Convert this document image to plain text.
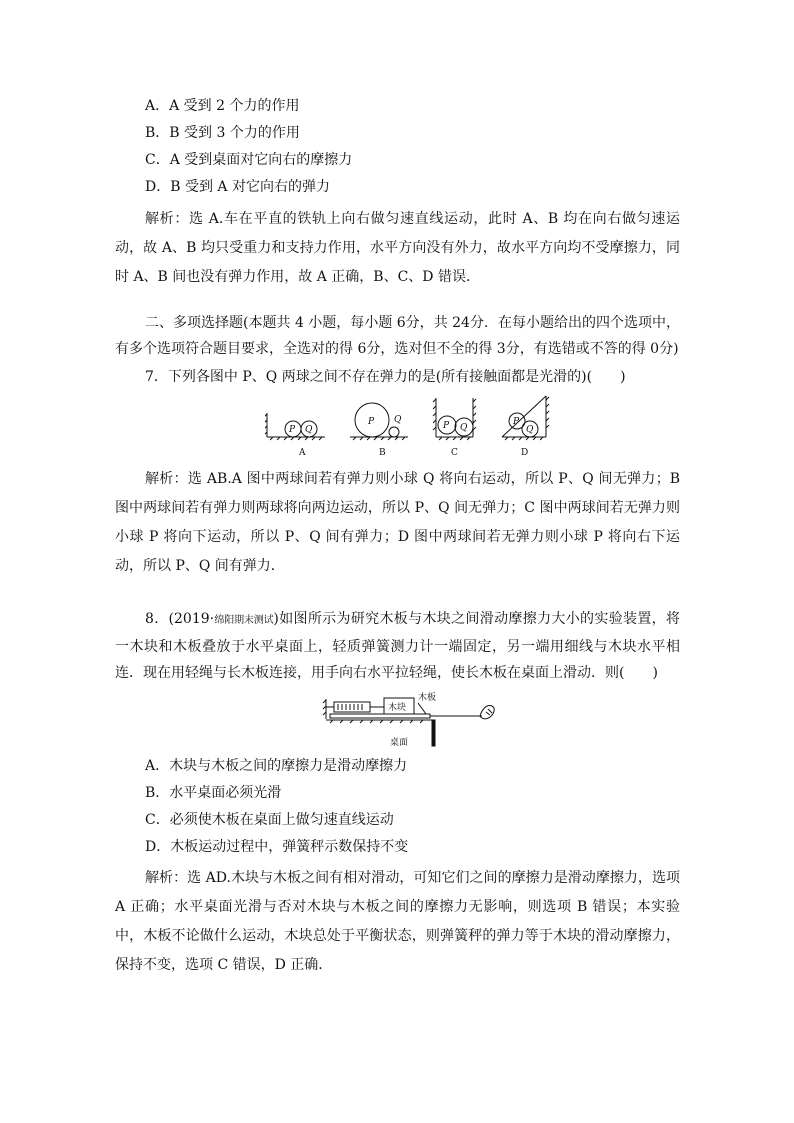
A．A 受到 2 个力的作用
B．B 受到 3 个力的作用
C．A 受到桌面对它向右的摩擦力
D．B 受到 A 对它向右的弹力
解析：选 A.车在平直的铁轨上向右做匀速直线运动，此时 A、B 均在向右做匀速运动，故 A、B 均只受重力和支持力作用，水平方向没有外力，故水平方向均不受摩擦力，同时 A、B 间也没有弹力作用，故 A 正确，B、C、D 错误．
二、多项选择题(本题共 4 小题，每小题 6分，共 24分．在每小题给出的四个选项中，有多个选项符合题目要求，全选对的得 6分，选对但不全的得 3分，有选错或不答的得 0分)
7．下列各图中 P、Q 两球之间不存在弹力的是(所有接触面都是光滑的)(　　)
P Q
P Q
P Q
P
Q
A	B	C	D
解析：选 AB.A 图中两球间若有弹力则小球 Q 将向右运动，所以 P、Q 间无弹力；B 图中两球间若有弹力则两球将向两边运动，所以 P、Q 间无弹力；C 图中两球间若无弹力则小球 P 将向下运动，所以 P、Q 间有弹力；D 图中两球间若无弹力则小球 P 将向右下运动，所以 P、Q 间有弹力．
8．(2019·绵阳期末测试)如图所示为研究木板与木块之间滑动摩擦力大小的实验装置，将一木块和木板叠放于水平桌面上，轻质弹簧测力计一端固定，另一端用细线与木块水平相连．现在用轻绳与长木板连接，用手向右水平拉轻绳，使长木板在桌面上滑动．则(　　)
木块
木板
桌面
A．木块与木板之间的摩擦力是滑动摩擦力
B．水平桌面必须光滑
C．必须使木板在桌面上做匀速直线运动
D．木板运动过程中，弹簧秤示数保持不变
解析：选 AD.木块与木板之间有相对滑动，可知它们之间的摩擦力是滑动摩擦力，选项 A 正确；水平桌面光滑与否对木块与木板之间的摩擦力无影响，则选项 B 错误；本实验中，木板不论做什么运动，木块总处于平衡状态，则弹簧秤的弹力等于木块的滑动摩擦力，保持不变，选项 C 错误，D 正确．
